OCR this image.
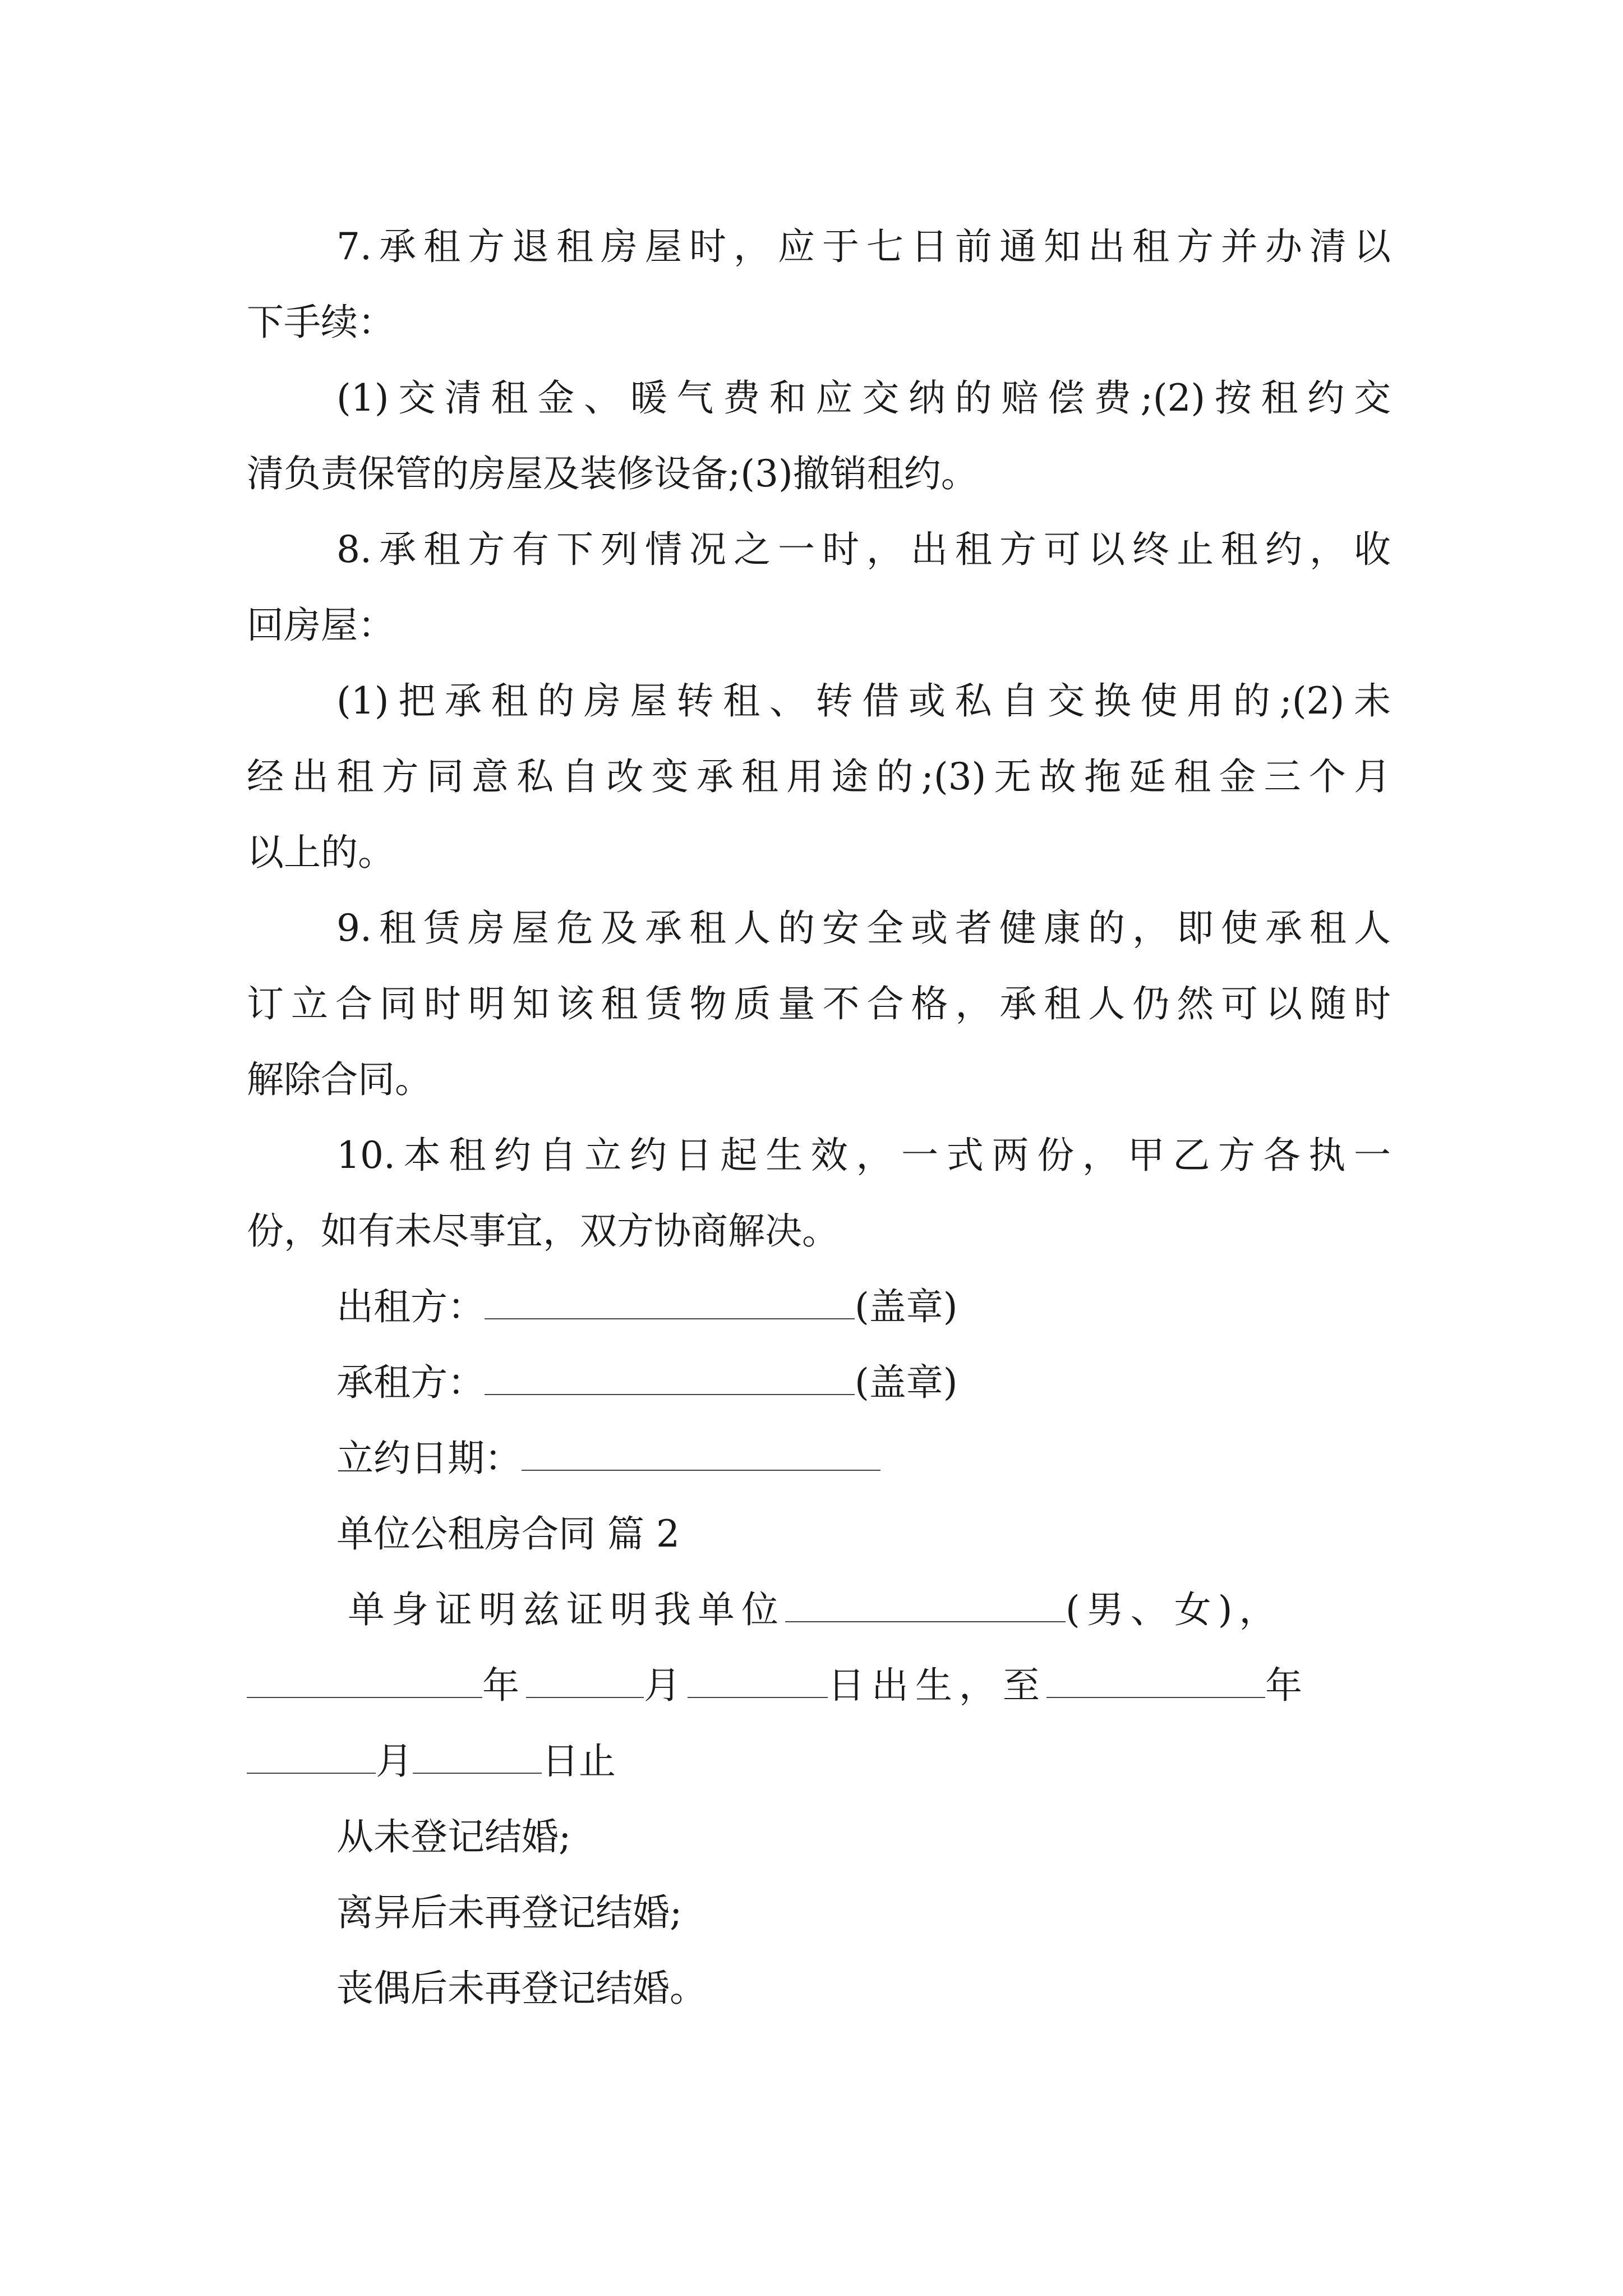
7.承租方退租房屋时，应于七日前通知出租方并办清以
下手续：
(1)交清租金、暖气费和应交纳的赔偿费;(2)按租约交
清负责保管的房屋及装修设备;(3)撤销租约。
8.承租方有下列情况之一时，出租方可以终止租约，收
回房屋：
(1)把承租的房屋转租、转借或私自交换使用的;(2)未
经出租方同意私自改变承租用途的;(3)无故拖延租金三个月
以上的。
9.租赁房屋危及承租人的安全或者健康的，即使承租人
订立合同时明知该租赁物质量不合格，承租人仍然可以随时
解除合同。
10.本租约自立约日起生效，一式两份，甲乙方各执一
份，如有未尽事宜，双方协商解决。
出租方：	(盖章)
承租方：	(盖章)
立约日期：
单位公租房合同 篇 2
单身证明兹证明我单位	(男、女)，
年	月	日出生，至	年
月	日止
从未登记结婚;
离异后未再登记结婚;
丧偶后未再登记结婚。
